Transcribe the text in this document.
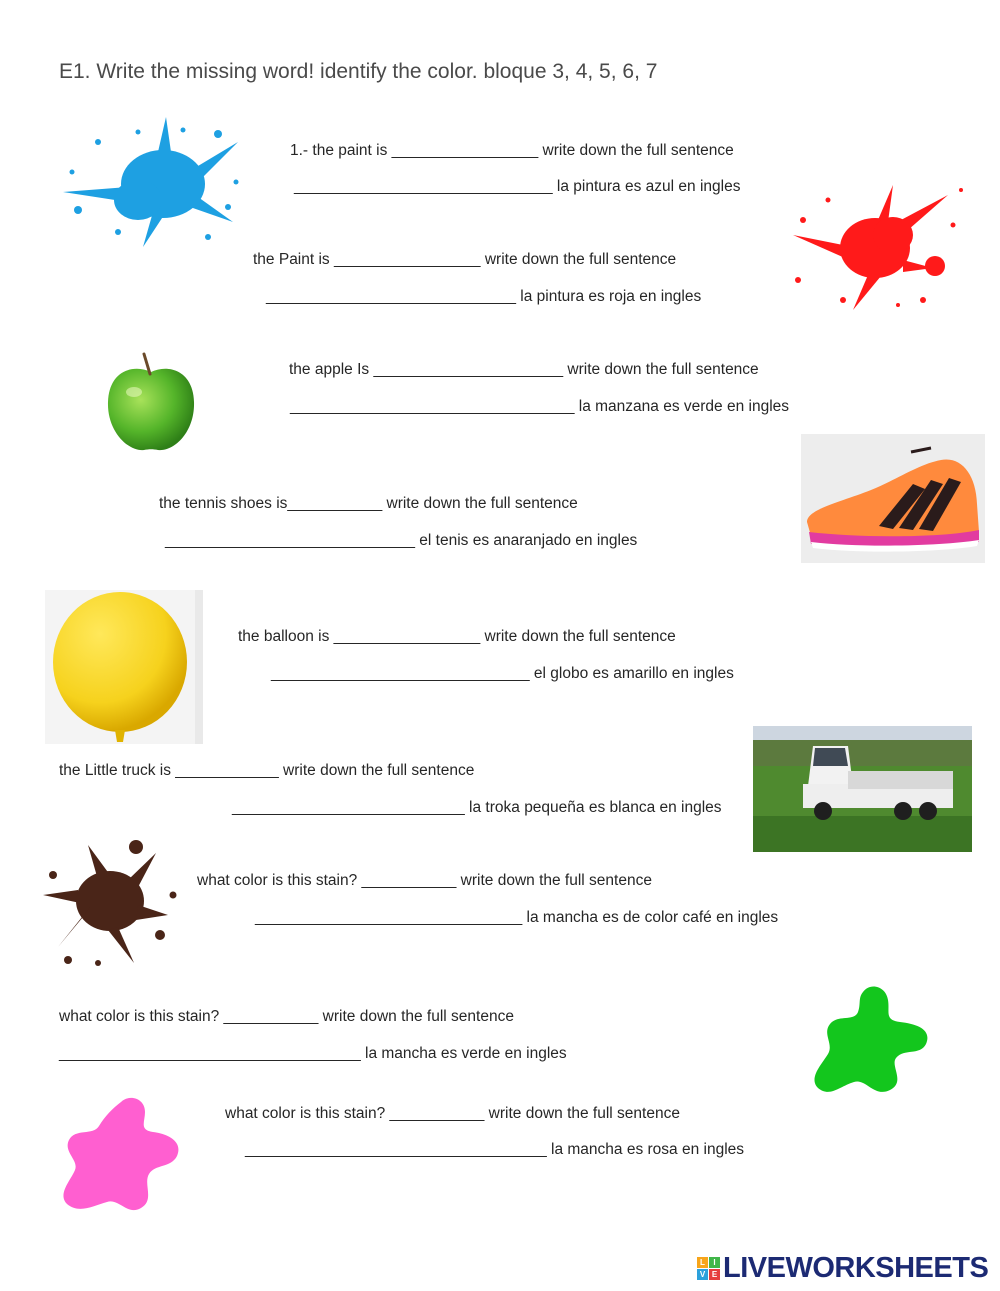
E1. Write the missing word! identify the color. bloque 3, 4, 5, 6, 7
1.- the paint is _________________ write down the full sentence
______________________________ la pintura es azul en ingles
the Paint is _________________ write down the full sentence
_____________________________ la pintura es roja en ingles
the apple Is ______________________ write down the full sentence
_________________________________ la manzana es verde en ingles
the tennis shoes is___________ write down the full sentence
_____________________________ el tenis es anaranjado en ingles
the balloon is _________________ write down the full sentence
______________________________ el globo es amarillo en ingles
the Little truck is ____________ write down the full sentence
___________________________ la troka pequeña es blanca en ingles
what color is this stain? ___________ write down the full sentence
_______________________________ la mancha es de color café en ingles
what color is this stain? ___________ write down the full sentence
___________________________________ la mancha es verde en ingles
what color is this stain? ___________ write down the full sentence
___________________________________ la mancha es rosa en ingles
L	I
V E LIVEWORKSHEETS
